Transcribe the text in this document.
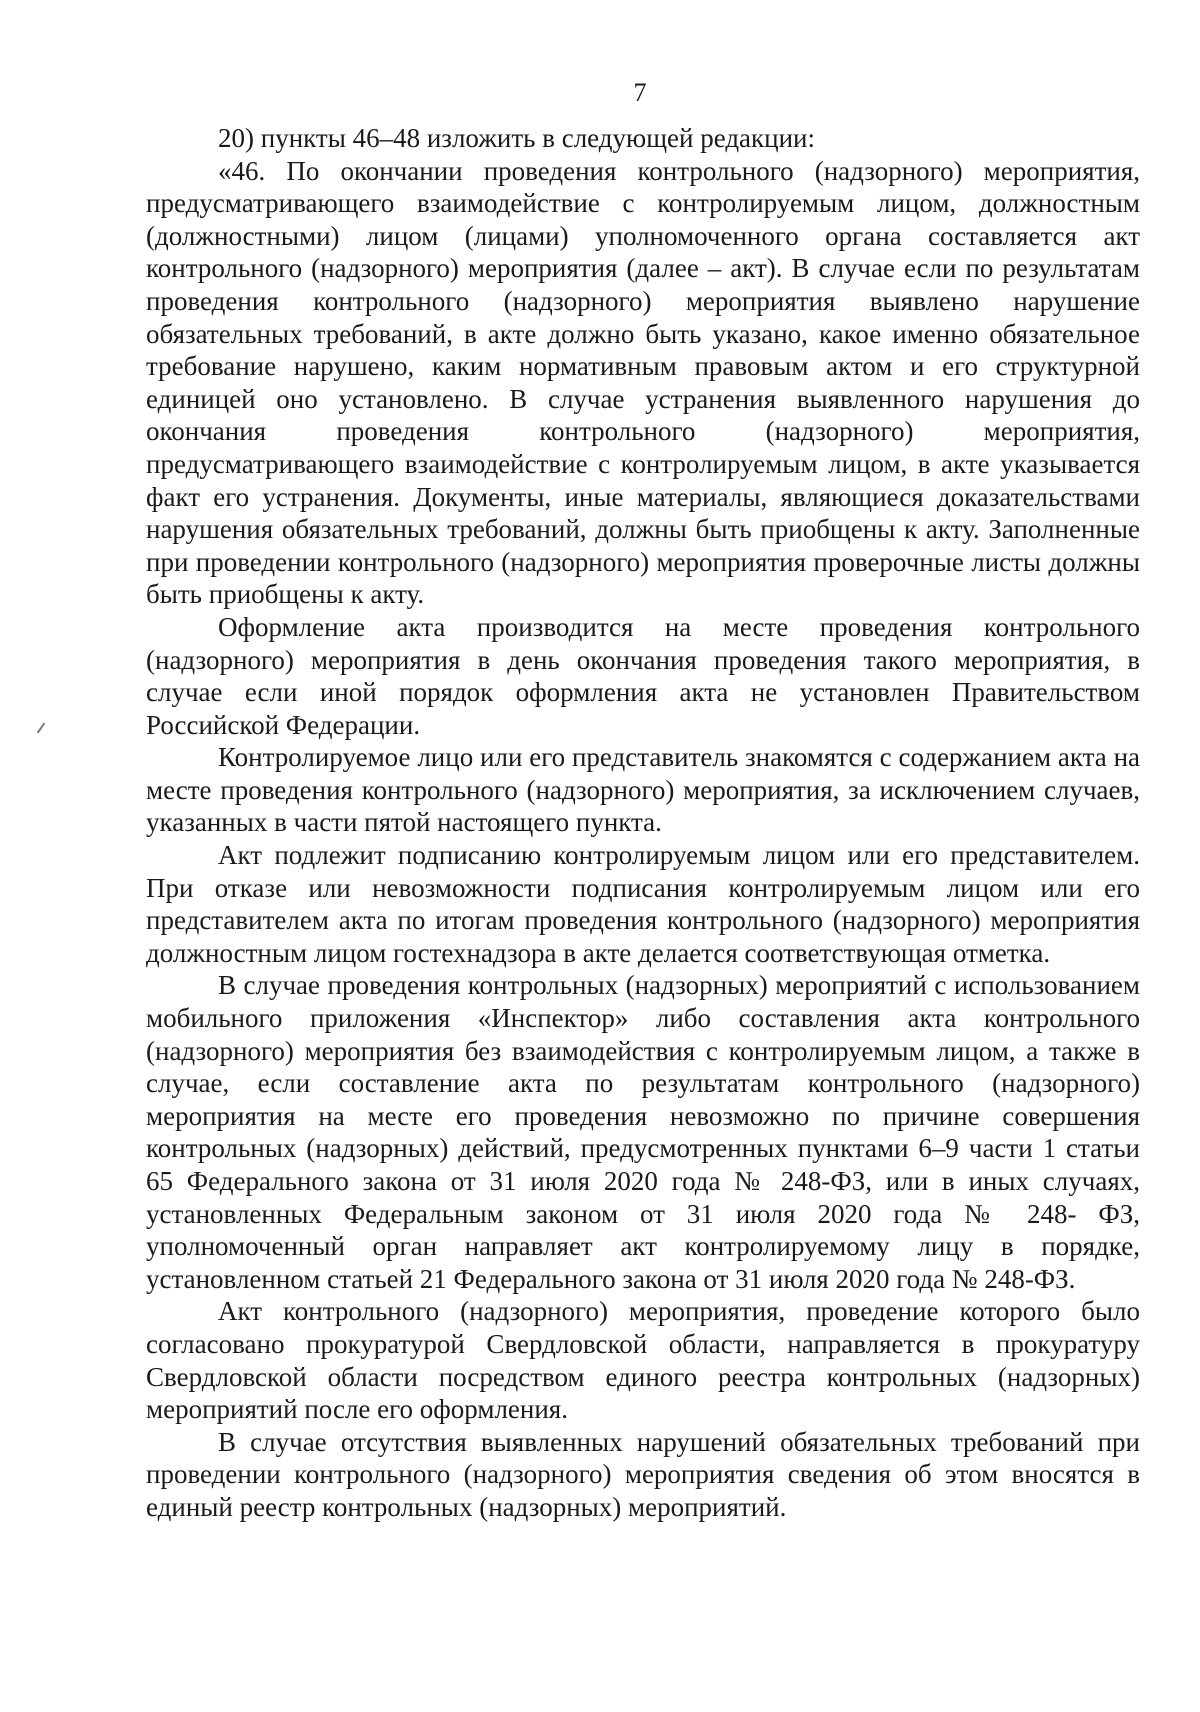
7

20) пункты 46–48 изложить в следующей редакции:

«46. По окончании проведения контрольного (надзорного) мероприятия, предусматривающего взаимодействие с контролируемым лицом, должностным (должностными) лицом (лицами) уполномоченного органа составляется акт контрольного (надзорного) мероприятия (далее – акт). В случае если по результатам проведения контрольного (надзорного) мероприятия выявлено нарушение обязательных требований, в акте должно быть указано, какое именно обязательное требование нарушено, каким нормативным правовым актом и его структурной единицей оно установлено. В случае устранения выявленного нарушения до окончания проведения контрольного (надзорного) мероприятия, предусматривающего взаимодействие с контролируемым лицом, в акте указывается факт его устранения. Документы, иные материалы, являющиеся доказательствами нарушения обязательных требований, должны быть приобщены к акту. Заполненные при проведении контрольного (надзорного) мероприятия проверочные листы должны быть приобщены к акту.

Оформление акта производится на месте проведения контрольного (надзорного) мероприятия в день окончания проведения такого мероприятия, в случае если иной порядок оформления акта не установлен Правительством Российской Федерации.

Контролируемое лицо или его представитель знакомятся с содержанием акта на месте проведения контрольного (надзорного) мероприятия, за исключением случаев, указанных в части пятой настоящего пункта.

Акт подлежит подписанию контролируемым лицом или его представителем. При отказе или невозможности подписания контролируемым лицом или его представителем акта по итогам проведения контрольного (надзорного) мероприятия должностным лицом гостехнадзора в акте делается соответствующая отметка.

В случае проведения контрольных (надзорных) мероприятий с использованием мобильного приложения «Инспектор» либо составления акта контрольного (надзорного) мероприятия без взаимодействия с контролируемым лицом, а также в случае, если составление акта по результатам контрольного (надзорного) мероприятия на месте его проведения невозможно по причине совершения контрольных (надзорных) действий, предусмотренных пунктами 6–9 части 1 статьи 65 Федерального закона от 31 июля 2020 года № 248-ФЗ, или в иных случаях, установленных Федеральным законом от 31 июля 2020 года № 248- ФЗ, уполномоченный орган направляет акт контролируемому лицу в порядке, установленном статьей 21 Федерального закона от 31 июля 2020 года № 248-ФЗ.

Акт контрольного (надзорного) мероприятия, проведение которого было согласовано прокуратурой Свердловской области, направляется в прокуратуру Свердловской области посредством единого реестра контрольных (надзорных) мероприятий после его оформления.

В случае отсутствия выявленных нарушений обязательных требований при проведении контрольного (надзорного) мероприятия сведения об этом вносятся в единый реестр контрольных (надзорных) мероприятий.
